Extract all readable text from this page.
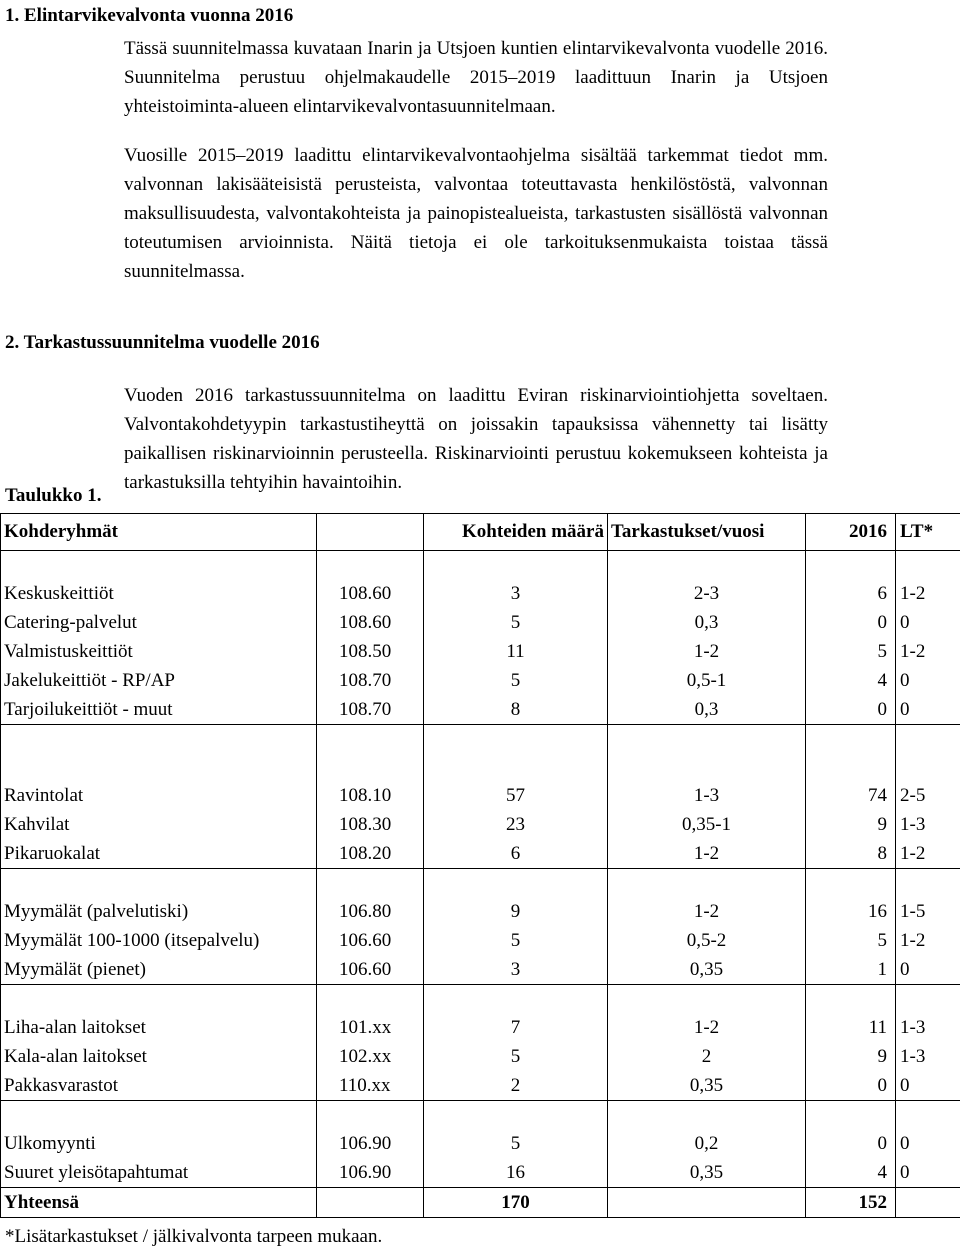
1. Elintarvikevalvonta vuonna 2016

Tässä suunnitelmassa kuvataan Inarin ja Utsjoen kuntien elintarvikevalvonta vuodelle 2016. Suunnitelma perustuu ohjelmakaudelle 2015–2019 laadittuun Inarin ja Utsjoen yhteistoiminta-alueen elintarvikevalvontasuunnitelmaan.

Vuosille 2015–2019 laadittu elintarvikevalvontaohjelma sisältää tarkemmat tiedot mm. valvonnan lakisääteisistä perusteista, valvontaa toteuttavasta henkilöstöstä, valvonnan maksullisuudesta, valvontakohteista ja painopistealueista, tarkastusten sisällöstä valvonnan toteutumisen arvioinnista. Näitä tietoja ei ole tarkoituksenmukaista toistaa tässä suunnitelmassa.

2. Tarkastussuunnitelma vuodelle 2016

Vuoden 2016 tarkastussuunnitelma on laadittu Eviran riskinarviointiohjetta soveltaen. Valvontakohdetyypin tarkastustiheyttä on joissakin tapauksissa vähennetty tai lisätty paikallisen riskinarvioinnin perusteella. Riskinarviointi perustuu kokemukseen kohteista ja tarkastuksilla tehtyihin havaintoihin.

Taulukko 1.

Kohderyhmät		Kohteiden määrä	Tarkastukset/vuosi	2016	LT*

Keskuskeittiöt	108.60	3	2-3	6	1-2
Catering-palvelut	108.60	5	0,3	0	0
Valmistuskeittiöt	108.50	11	1-2	5	1-2
Jakelukeittiöt - RP/AP	108.70	5	0,5-1	4	0
Tarjoilukeittiöt - muut	108.70	8	0,3	0	0

Ravintolat	108.10	57	1-3	74	2-5
Kahvilat	108.30	23	0,35-1	9	1-3
Pikaruokalat	108.20	6	1-2	8	1-2

Myymälät (palvelutiski)	106.80	9	1-2	16	1-5
Myymälät 100-1000 (itsepalvelu)	106.60	5	0,5-2	5	1-2
Myymälät (pienet)	106.60	3	0,35	1	0

Liha-alan laitokset	101.xx	7	1-2	11	1-3
Kala-alan laitokset	102.xx	5	2	9	1-3
Pakkasvarastot	110.xx	2	0,35	0	0

Ulkomyynti	106.90	5	0,2	0	0
Suuret yleisötapahtumat	106.90	16	0,35	4	0
Yhteensä		170		152	

*Lisätarkastukset / jälkivalvonta tarpeen mukaan.
